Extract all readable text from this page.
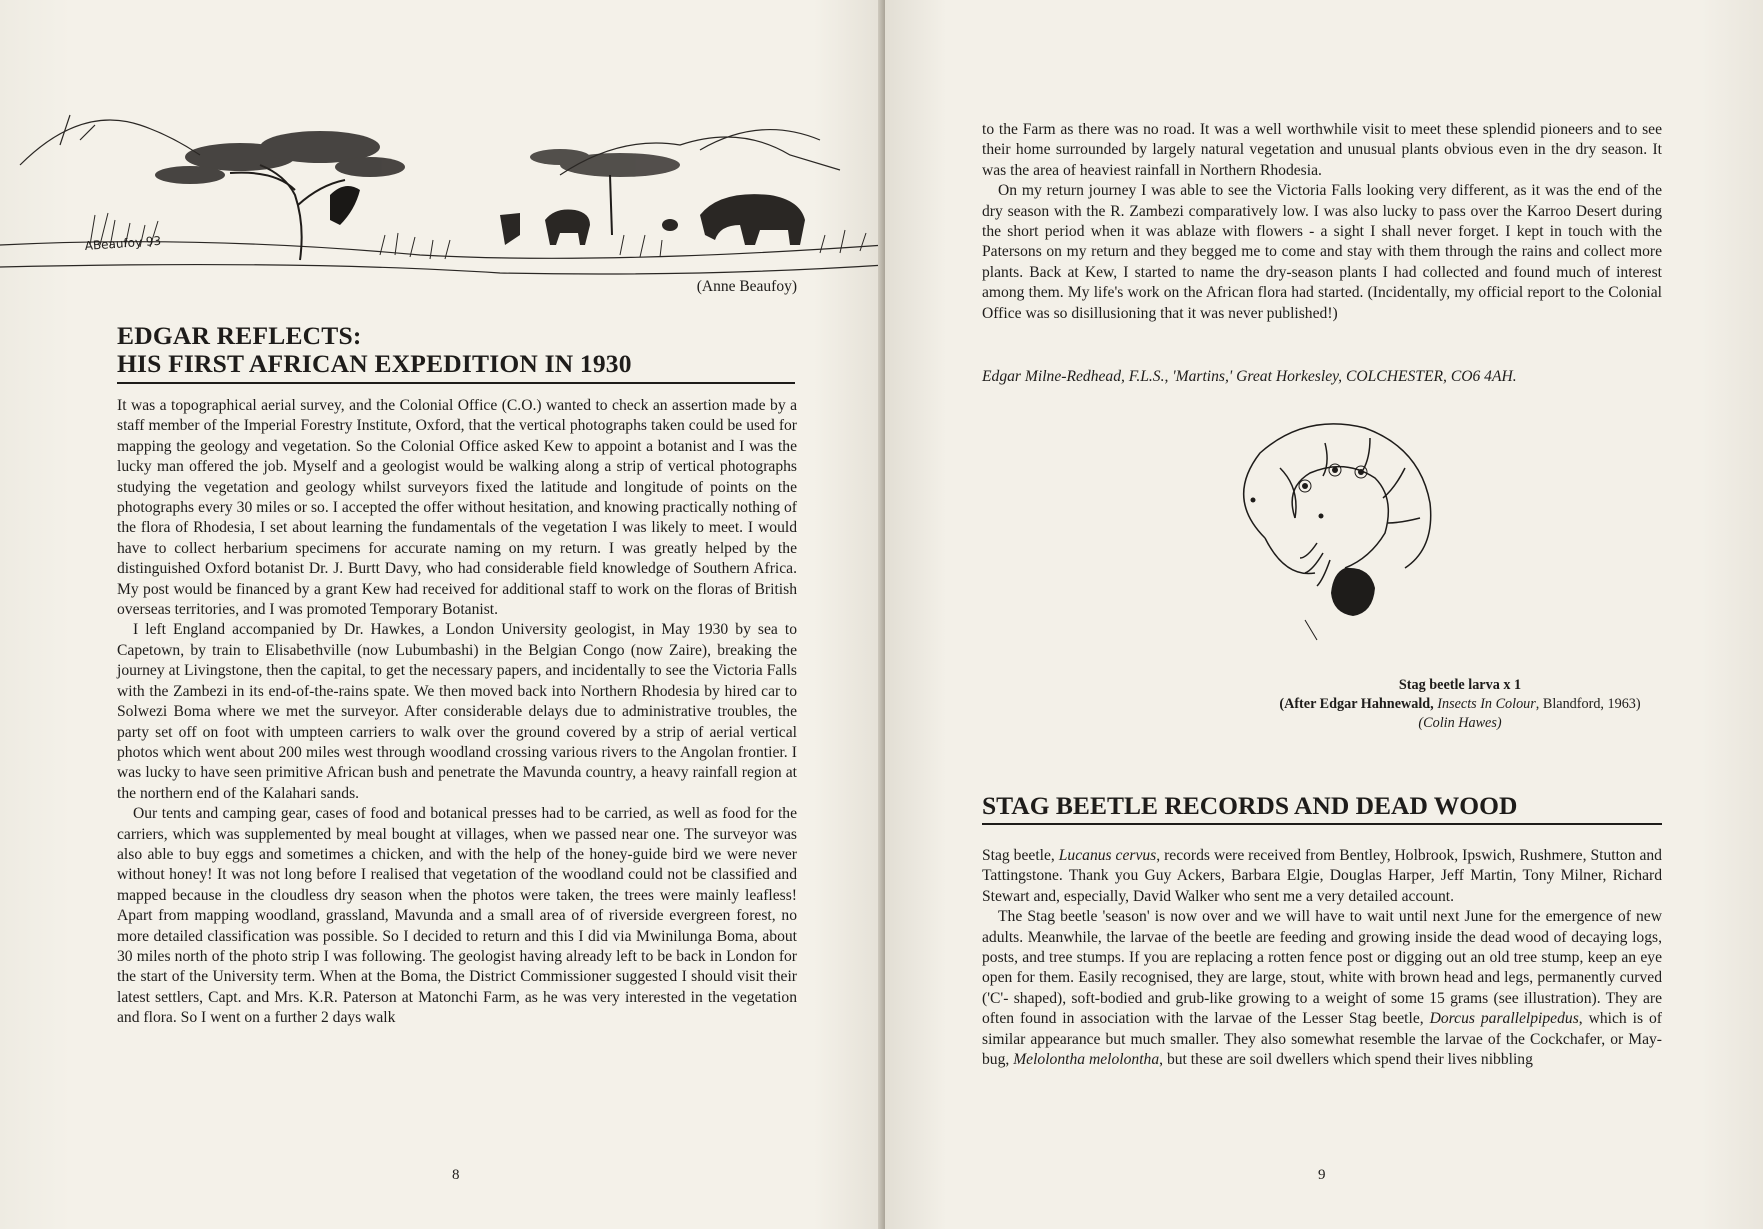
ABeaufoy 93
(Anne Beaufoy)
EDGAR REFLECTS:
HIS FIRST AFRICAN EXPEDITION IN 1930

It was a topographical aerial survey, and the Colonial Office (C.O.) wanted to check an assertion made by a staff member of the Imperial Forestry Institute, Oxford, that the vertical photographs taken could be used for mapping the geology and vegetation. So the Colonial Office asked Kew to appoint a botanist and I was the lucky man offered the job. Myself and a geologist would be walking along a strip of vertical photographs studying the vegetation and geology whilst surveyors fixed the latitude and longitude of points on the photographs every 30 miles or so. I accepted the offer without hesitation, and knowing practically nothing of the flora of Rhodesia, I set about learning the fundamentals of the vegetation I was likely to meet. I would have to collect herbarium specimens for accurate naming on my return. I was greatly helped by the distinguished Oxford botanist Dr. J. Burtt Davy, who had considerable field knowledge of Southern Africa. My post would be financed by a grant Kew had received for additional staff to work on the floras of British overseas territories, and I was promoted Temporary Botanist.

I left England accompanied by Dr. Hawkes, a London University geologist, in May 1930 by sea to Capetown, by train to Elisabethville (now Lubumbashi) in the Belgian Congo (now Zaire), breaking the journey at Livingstone, then the capital, to get the necessary papers, and incidentally to see the Victoria Falls with the Zambezi in its end-of-the-rains spate. We then moved back into Northern Rhodesia by hired car to Solwezi Boma where we met the surveyor. After considerable delays due to administrative troubles, the party set off on foot with umpteen carriers to walk over the ground covered by a strip of aerial vertical photos which went about 200 miles west through woodland crossing various rivers to the Angolan frontier. I was lucky to have seen primitive African bush and penetrate the Mavunda country, a heavy rainfall region at the northern end of the Kalahari sands.

Our tents and camping gear, cases of food and botanical presses had to be carried, as well as food for the carriers, which was supplemented by meal bought at villages, when we passed near one. The surveyor was also able to buy eggs and sometimes a chicken, and with the help of the honey-guide bird we were never without honey! It was not long before I realised that vegetation of the woodland could not be classified and mapped because in the cloudless dry season when the photos were taken, the trees were mainly leafless! Apart from mapping woodland, grassland, Mavunda and a small area of of riverside evergreen forest, no more detailed classification was possible. So I decided to return and this I did via Mwinilunga Boma, about 30 miles north of the photo strip I was following. The geologist having already left to be back in London for the start of the University term. When at the Boma, the District Commissioner suggested I should visit their latest settlers, Capt. and Mrs. K.R. Paterson at Matonchi Farm, as he was very interested in the vegetation and flora. So I went on a further 2 days walk

8

to the Farm as there was no road. It was a well worthwhile visit to meet these splendid pioneers and to see their home surrounded by largely natural vegetation and unusual plants obvious even in the dry season. It was the area of heaviest rainfall in Northern Rhodesia.

On my return journey I was able to see the Victoria Falls looking very different, as it was the end of the dry season with the R. Zambezi comparatively low. I was also lucky to pass over the Karroo Desert during the short period when it was ablaze with flowers - a sight I shall never forget. I kept in touch with the Patersons on my return and they begged me to come and stay with them through the rains and collect more plants. Back at Kew, I started to name the dry-season plants I had collected and found much of interest among them. My life's work on the African flora had started. (Incidentally, my official report to the Colonial Office was so disillusioning that it was never published!)

Edgar Milne-Redhead, F.L.S., 'Martins,' Great Horkesley, COLCHESTER, CO6 4AH.
Stag beetle larva x 1
(After Edgar Hahnewald, Insects In Colour, Blandford, 1963)
(Colin Hawes)
STAG BEETLE RECORDS AND DEAD WOOD

Stag beetle, Lucanus cervus, records were received from Bentley, Holbrook, Ipswich, Rushmere, Stutton and Tattingstone. Thank you Guy Ackers, Barbara Elgie, Douglas Harper, Jeff Martin, Tony Milner, Richard Stewart and, especially, David Walker who sent me a very detailed account.

The Stag beetle 'season' is now over and we will have to wait until next June for the emergence of new adults. Meanwhile, the larvae of the beetle are feeding and growing inside the dead wood of decaying logs, posts, and tree stumps. If you are replacing a rotten fence post or digging out an old tree stump, keep an eye open for them. Easily recognised, they are large, stout, white with brown head and legs, permanently curved ('C'- shaped), soft-bodied and grub-like growing to a weight of some 15 grams (see illustration). They are often found in association with the larvae of the Lesser Stag beetle, Dorcus parallelpipedus, which is of similar appearance but much smaller. They also somewhat resemble the larvae of the Cockchafer, or May-bug, Melolontha melolontha, but these are soil dwellers which spend their lives nibbling

9
